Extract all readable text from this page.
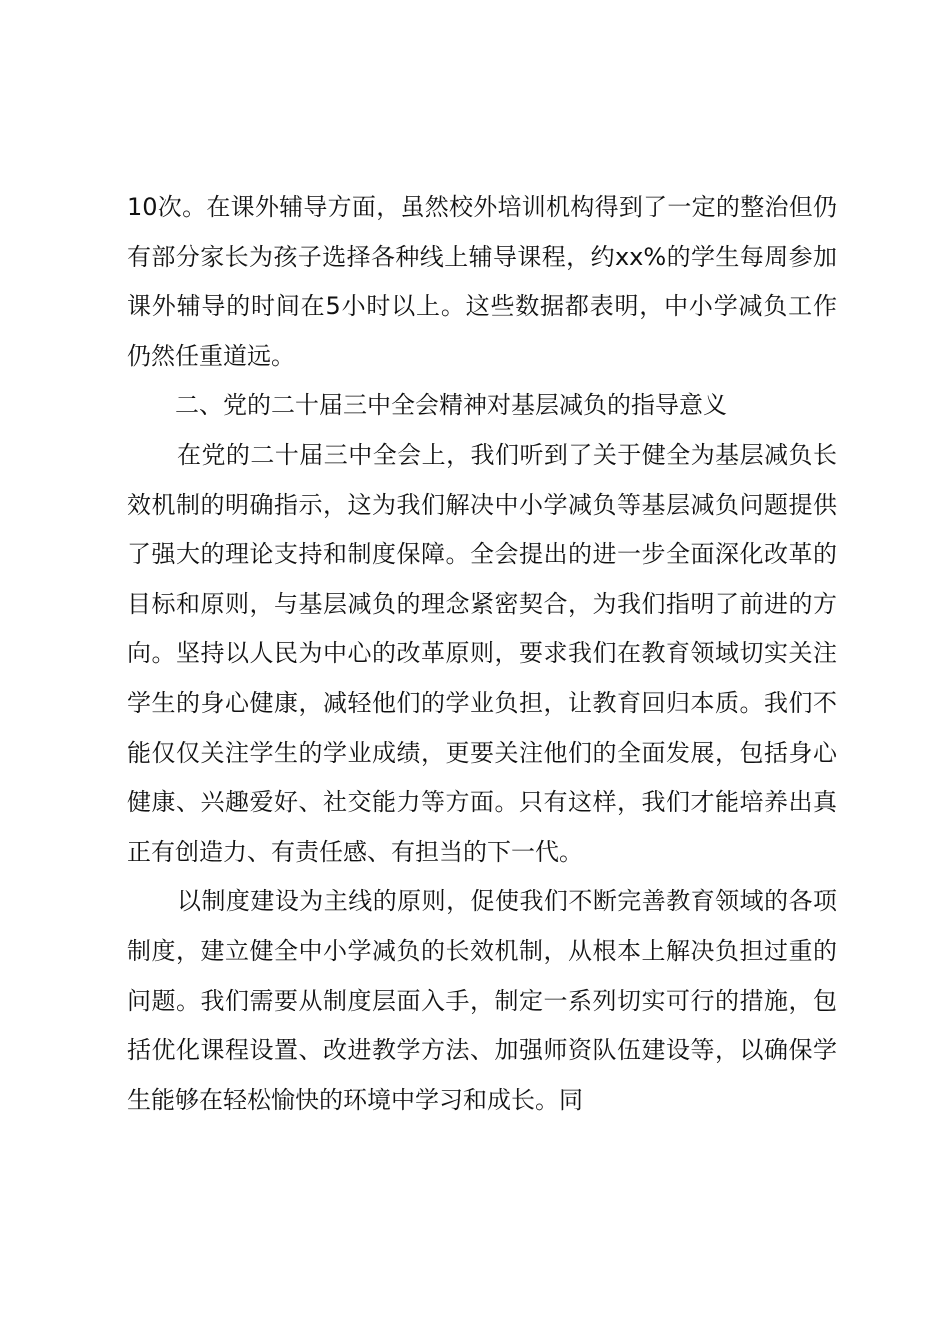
10次。在课外辅导方面，虽然校外培训机构得到了一定的整治但仍有部分家长为孩子选择各种线上辅导课程，约xx%的学生每周参加课外辅导的时间在5小时以上。这些数据都表明，中小学减负工作仍然任重道远。

二、党的二十届三中全会精神对基层减负的指导意义

在党的二十届三中全会上，我们听到了关于健全为基层减负长效机制的明确指示，这为我们解决中小学减负等基层减负问题提供了强大的理论支持和制度保障。全会提出的进一步全面深化改革的目标和原则，与基层减负的理念紧密契合，为我们指明了前进的方向。坚持以人民为中心的改革原则，要求我们在教育领域切实关注学生的身心健康，减轻他们的学业负担，让教育回归本质。我们不能仅仅关注学生的学业成绩，更要关注他们的全面发展，包括身心健康、兴趣爱好、社交能力等方面。只有这样，我们才能培养出真正有创造力、有责任感、有担当的下一代。

以制度建设为主线的原则，促使我们不断完善教育领域的各项制度，建立健全中小学减负的长效机制，从根本上解决负担过重的问题。我们需要从制度层面入手，制定一系列切实可行的措施，包括优化课程设置、改进教学方法、加强师资队伍建设等，以确保学生能够在轻松愉快的环境中学习和成长。同
